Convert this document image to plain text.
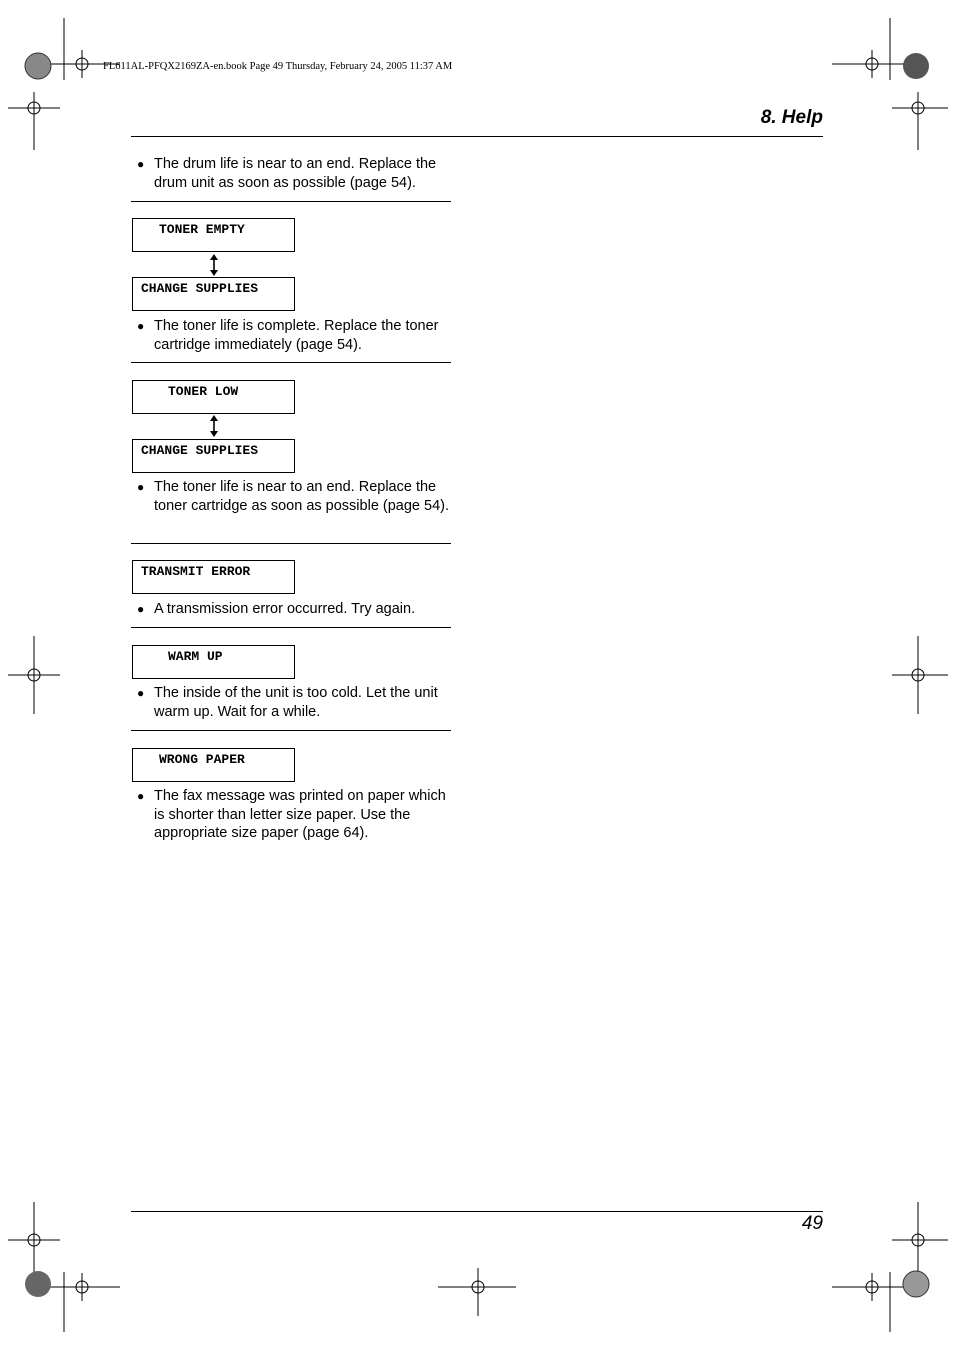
FL611AL-PFQX2169ZA-en.book Page 49 Thursday, February 24, 2005 11:37 AM
8. Help
● The drum life is near to an end. Replace the drum unit as soon as possible (page 54).
TONER EMPTY
CHANGE SUPPLIES
● The toner life is complete. Replace the toner cartridge immediately (page 54).
TONER LOW
CHANGE SUPPLIES
● The toner life is near to an end. Replace the toner cartridge as soon as possible (page 54).
TRANSMIT ERROR
● A transmission error occurred. Try again.
WARM UP
● The inside of the unit is too cold. Let the unit warm up. Wait for a while.
WRONG PAPER
● The fax message was printed on paper which is shorter than letter size paper. Use the appropriate size paper (page 64).
49
